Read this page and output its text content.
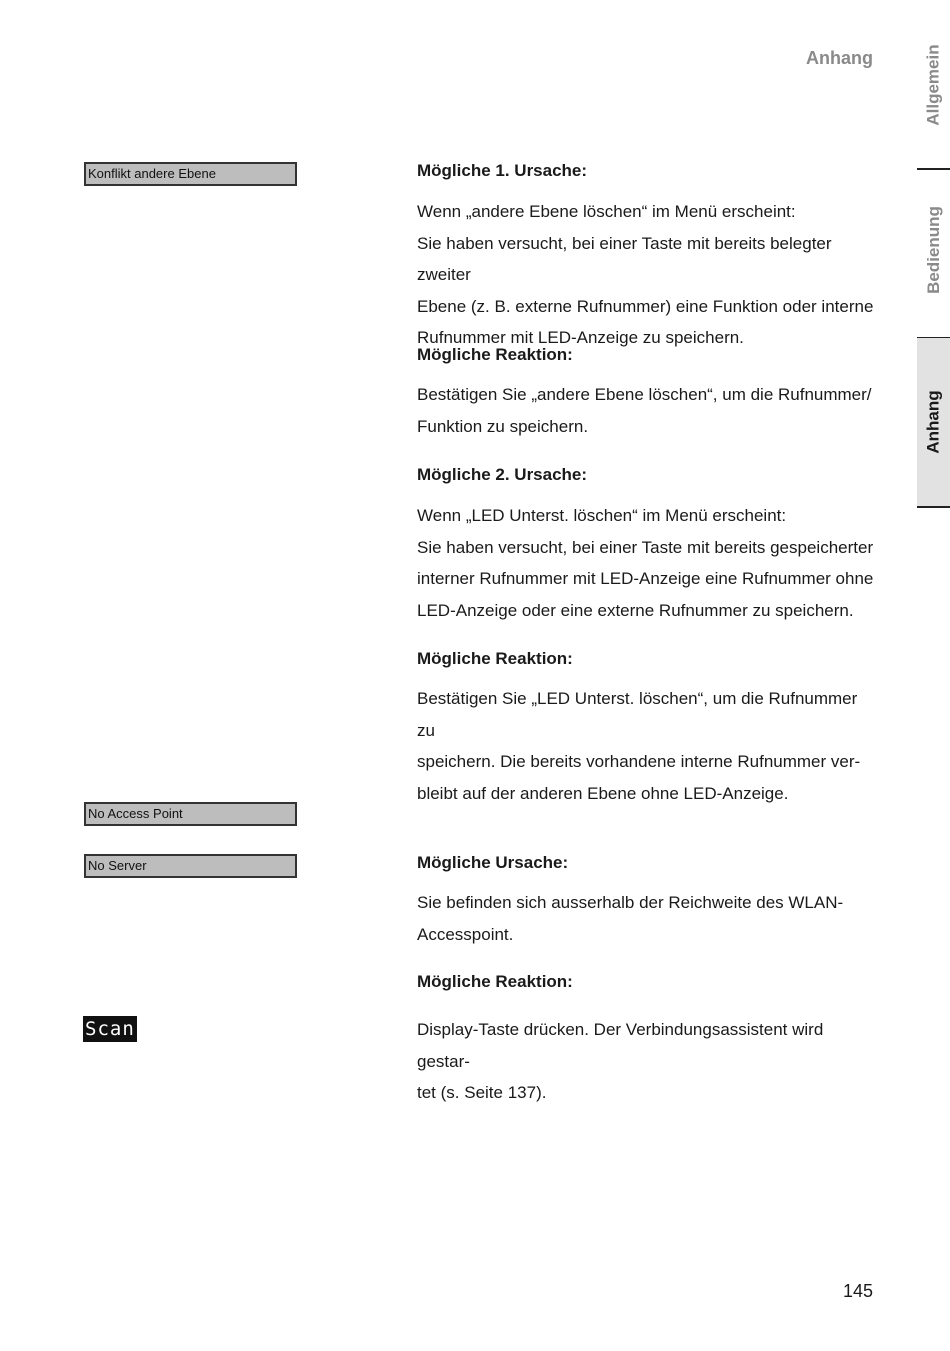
Anhang	Allgemein
Bedienung
Anhang
Konflikt andere Ebene
No Access Point
No Server
Scan

Mögliche 1. Ursache:

Wenn „andere Ebene löschen“ im Menü erscheint:

Sie haben versucht, bei einer Taste mit bereits belegter zweiter

Ebene (z. B. externe Rufnummer) eine Funktion oder interne

Rufnummer mit LED-Anzeige zu speichern.

Mögliche Reaktion:

Bestätigen Sie „andere Ebene löschen“, um die Rufnummer/

Funktion zu speichern.

Mögliche 2. Ursache:

Wenn „LED Unterst. löschen“ im Menü erscheint:

Sie haben versucht, bei einer Taste mit bereits gespeicherter

interner Rufnummer mit LED-Anzeige eine Rufnummer ohne

LED-Anzeige oder eine externe Rufnummer zu speichern.

Mögliche Reaktion:

Bestätigen Sie „LED Unterst. löschen“, um die Rufnummer zu

speichern. Die bereits vorhandene interne Rufnummer ver-

bleibt auf der anderen Ebene ohne LED-Anzeige.

Mögliche Ursache:

Sie befinden sich ausserhalb der Reichweite des WLAN-

Accesspoint.

Mögliche Reaktion:

Display-Taste drücken. Der Verbindungsassistent wird gestar-

tet (s. Seite 137).

145
